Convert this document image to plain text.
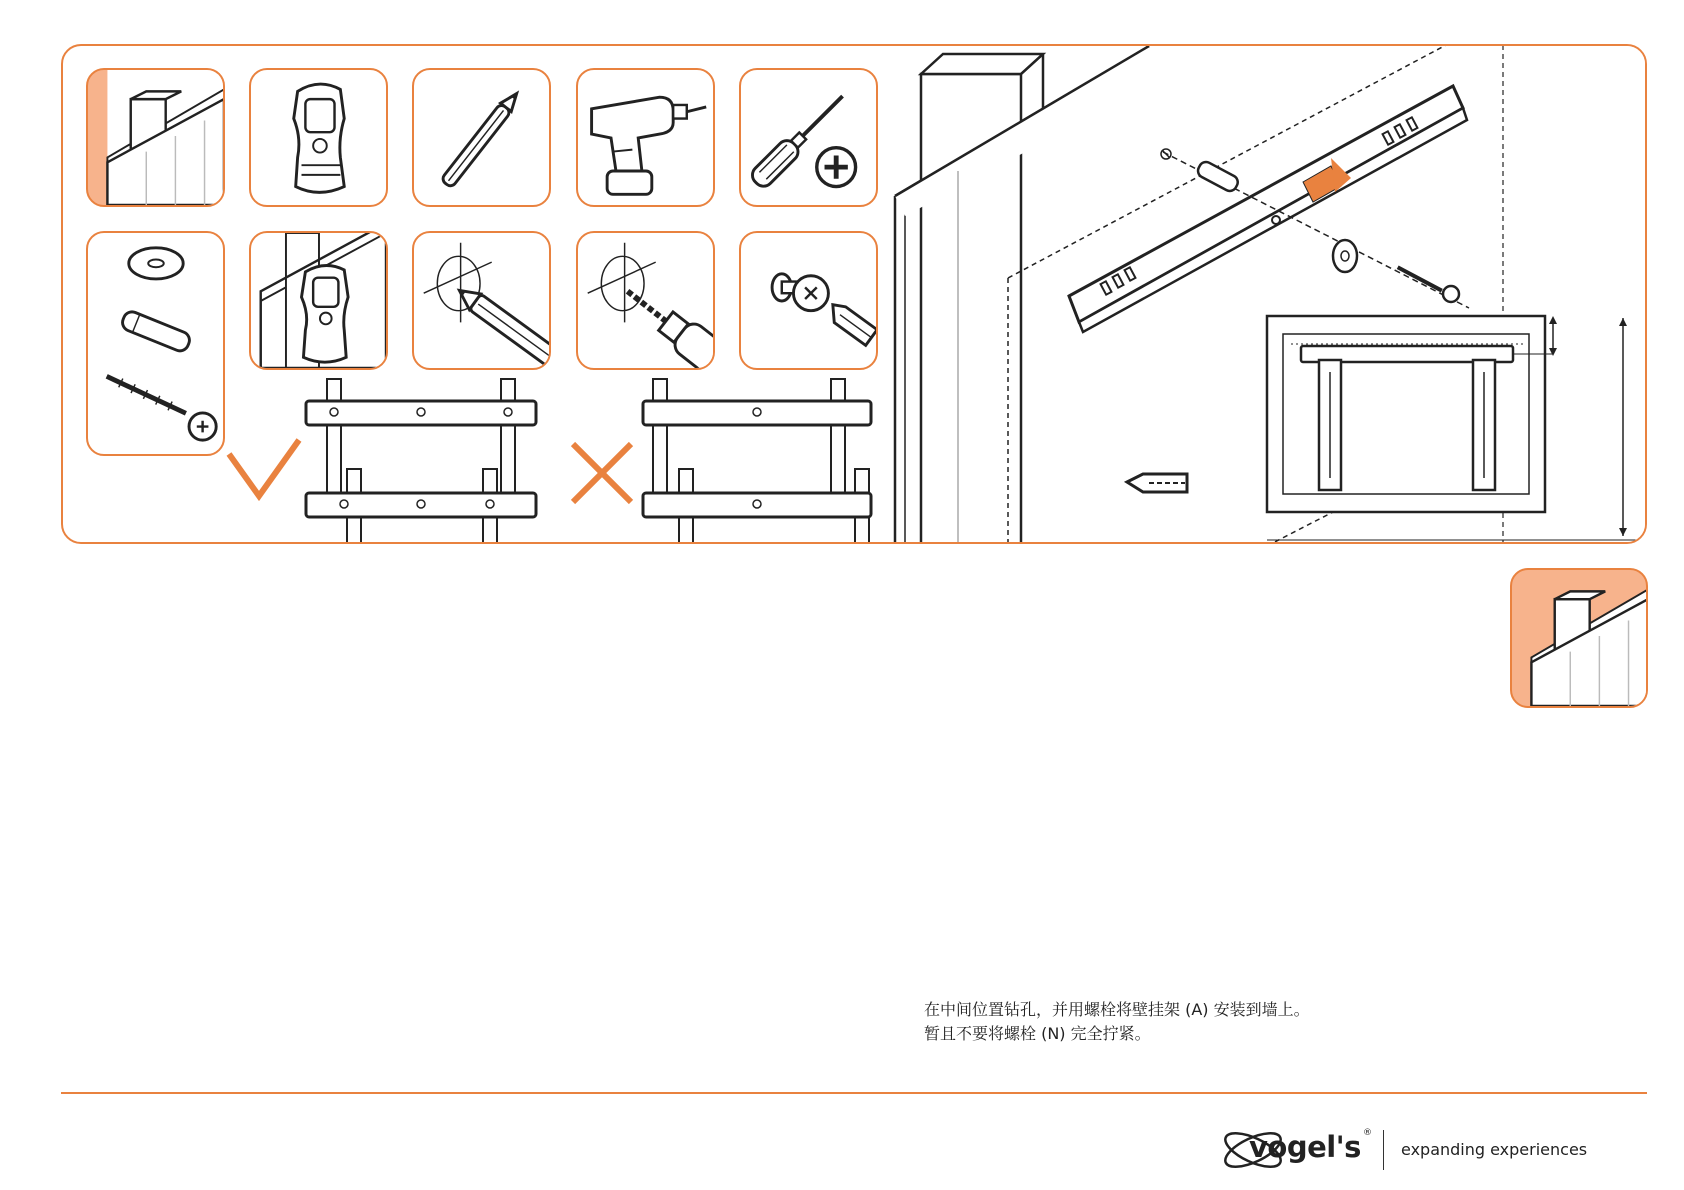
在中间位置钻孔，并用螺栓将壁挂架 (A) 安装到墙上。

暂且不要将螺栓 (N) 完全拧紧。

vogel's ®
expanding experiences
